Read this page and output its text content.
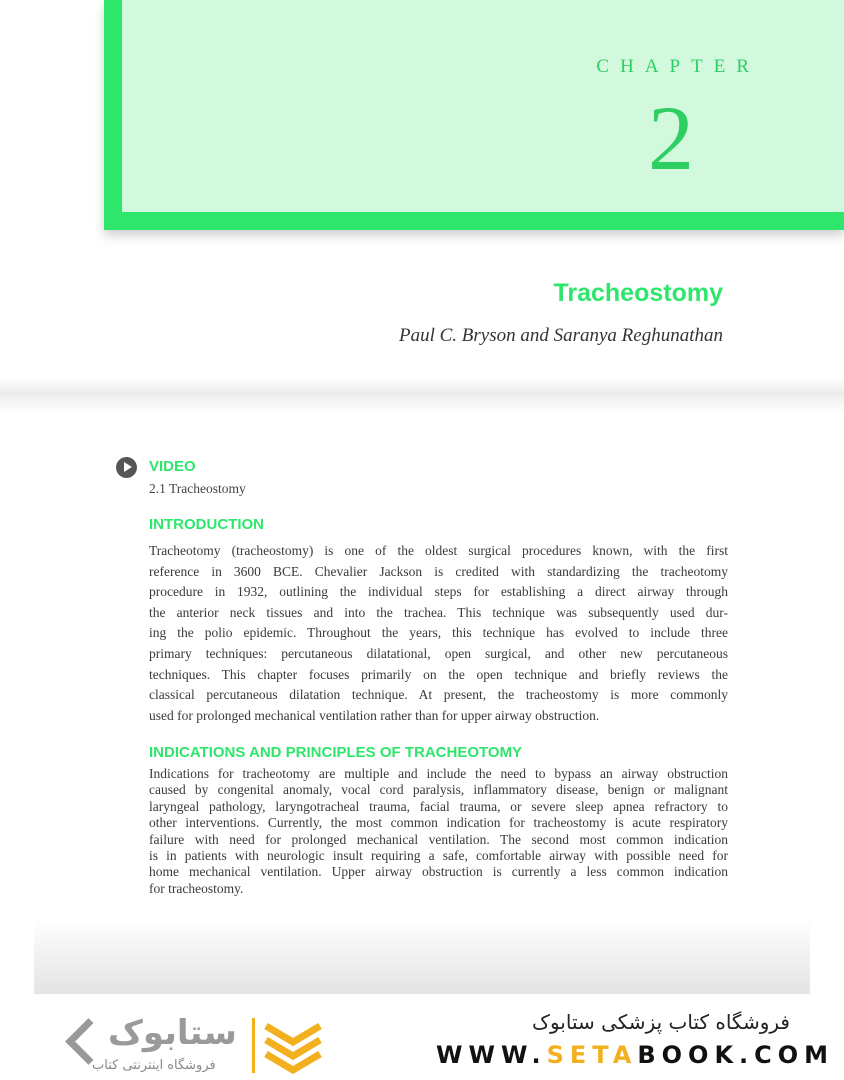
CHAPTER
2
Tracheostomy
Paul C. Bryson and Saranya Reghunathan
VIDEO
2.1 Tracheostomy
INTRODUCTION

Tracheotomy (tracheostomy) is one of the oldest surgical procedures known, with the first
reference in 3600 BCE. Chevalier Jackson is credited with standardizing the tracheotomy
procedure in 1932, outlining the individual steps for establishing a direct airway through
the anterior neck tissues and into the trachea. This technique was subsequently used dur-
ing the polio epidemic. Throughout the years, this technique has evolved to include three
primary techniques: percutaneous dilatational, open surgical, and other new percutaneous
techniques. This chapter focuses primarily on the open technique and briefly reviews the
classical percutaneous dilatation technique. At present, the tracheostomy is more commonly
used for prolonged mechanical ventilation rather than for upper airway obstruction.

INDICATIONS AND PRINCIPLES OF TRACHEOTOMY

Indications for tracheotomy are multiple and include the need to bypass an airway obstruction
caused by congenital anomaly, vocal cord paralysis, inflammatory disease, benign or malignant
laryngeal pathology, laryngotracheal trauma, facial trauma, or severe sleep apnea refractory to
other interventions. Currently, the most common indication for tracheostomy is acute respiratory
failure with need for prolonged mechanical ventilation. The second most common indication
is in patients with neurologic insult requiring a safe, comfortable airway with possible need for
home mechanical ventilation. Upper airway obstruction is currently a less common indication
for tracheostomy.

ستابوک
فروشگاه اینترنتی کتاب
فروشگاه کتاب پزشکی ستابوک
WWW.SETABOOK.COM
